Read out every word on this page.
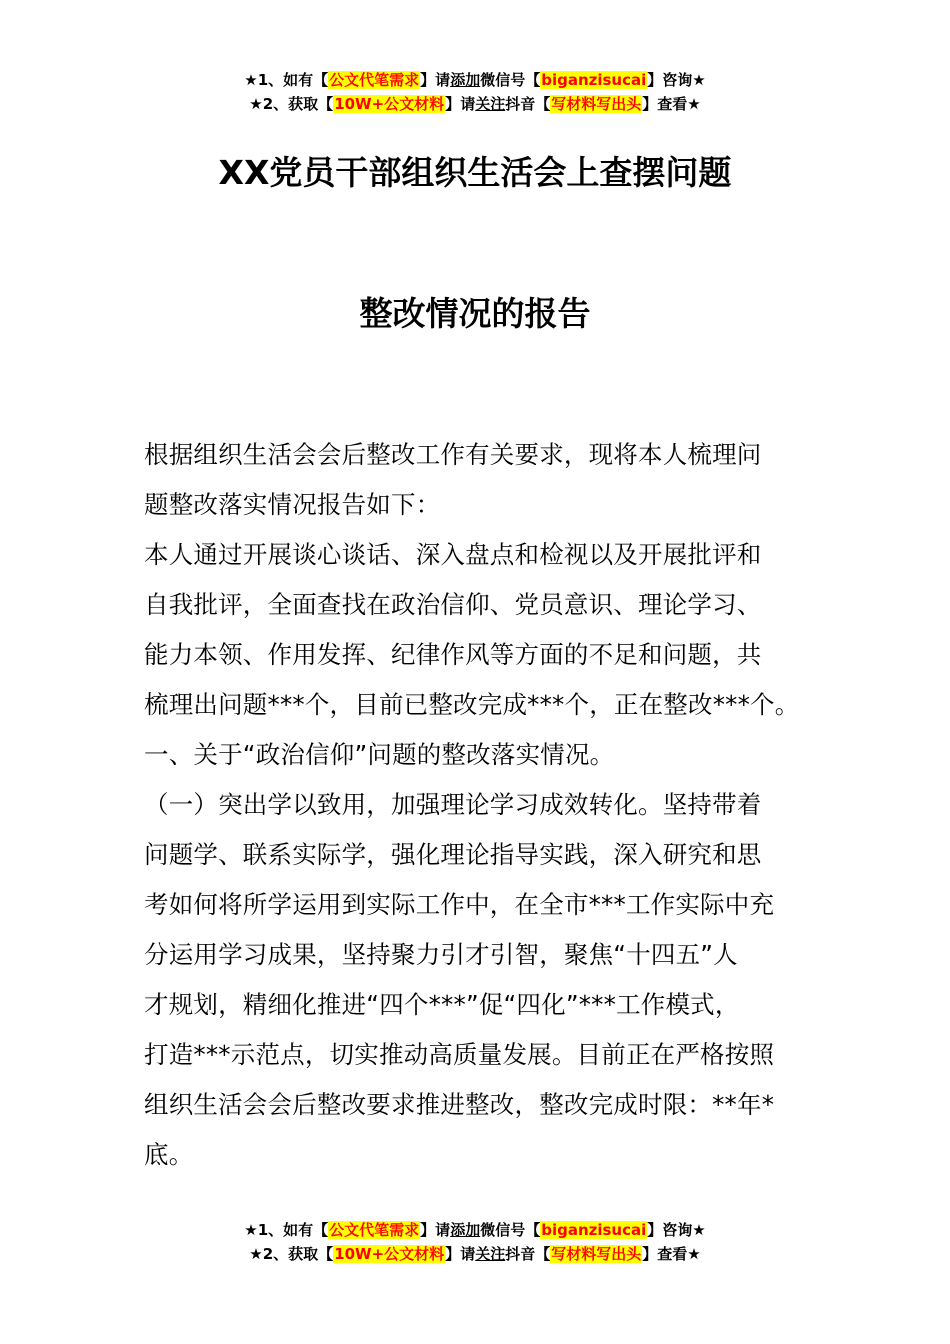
★1、如有【公文代笔需求】请添加微信号【biganzisucai】咨询★
★2、获取【10W+公文材料】请关注抖音【写材料写出头】查看★
XX党员干部组织生活会上查摆问题
整改情况的报告
根据组织生活会会后整改工作有关要求，现将本人梳理问
题整改落实情况报告如下：
本人通过开展谈心谈话、深入盘点和检视以及开展批评和
自我批评，全面查找在政治信仰、党员意识、理论学习、
能力本领、作用发挥、纪律作风等方面的不足和问题，共
梳理出问题***个，目前已整改完成***个，正在整改***个。
一、关于“政治信仰”问题的整改落实情况。
（一）突出学以致用，加强理论学习成效转化。坚持带着
问题学、联系实际学，强化理论指导实践，深入研究和思
考如何将所学运用到实际工作中，在全市***工作实际中充
分运用学习成果，坚持聚力引才引智，聚焦“十四五”人
才规划，精细化推进“四个***”促“四化”***工作模式，
打造***示范点，切实推动高质量发展。目前正在严格按照
组织生活会会后整改要求推进整改，整改完成时限：**年*
底。
★1、如有【公文代笔需求】请添加微信号【biganzisucai】咨询★
★2、获取【10W+公文材料】请关注抖音【写材料写出头】查看★
